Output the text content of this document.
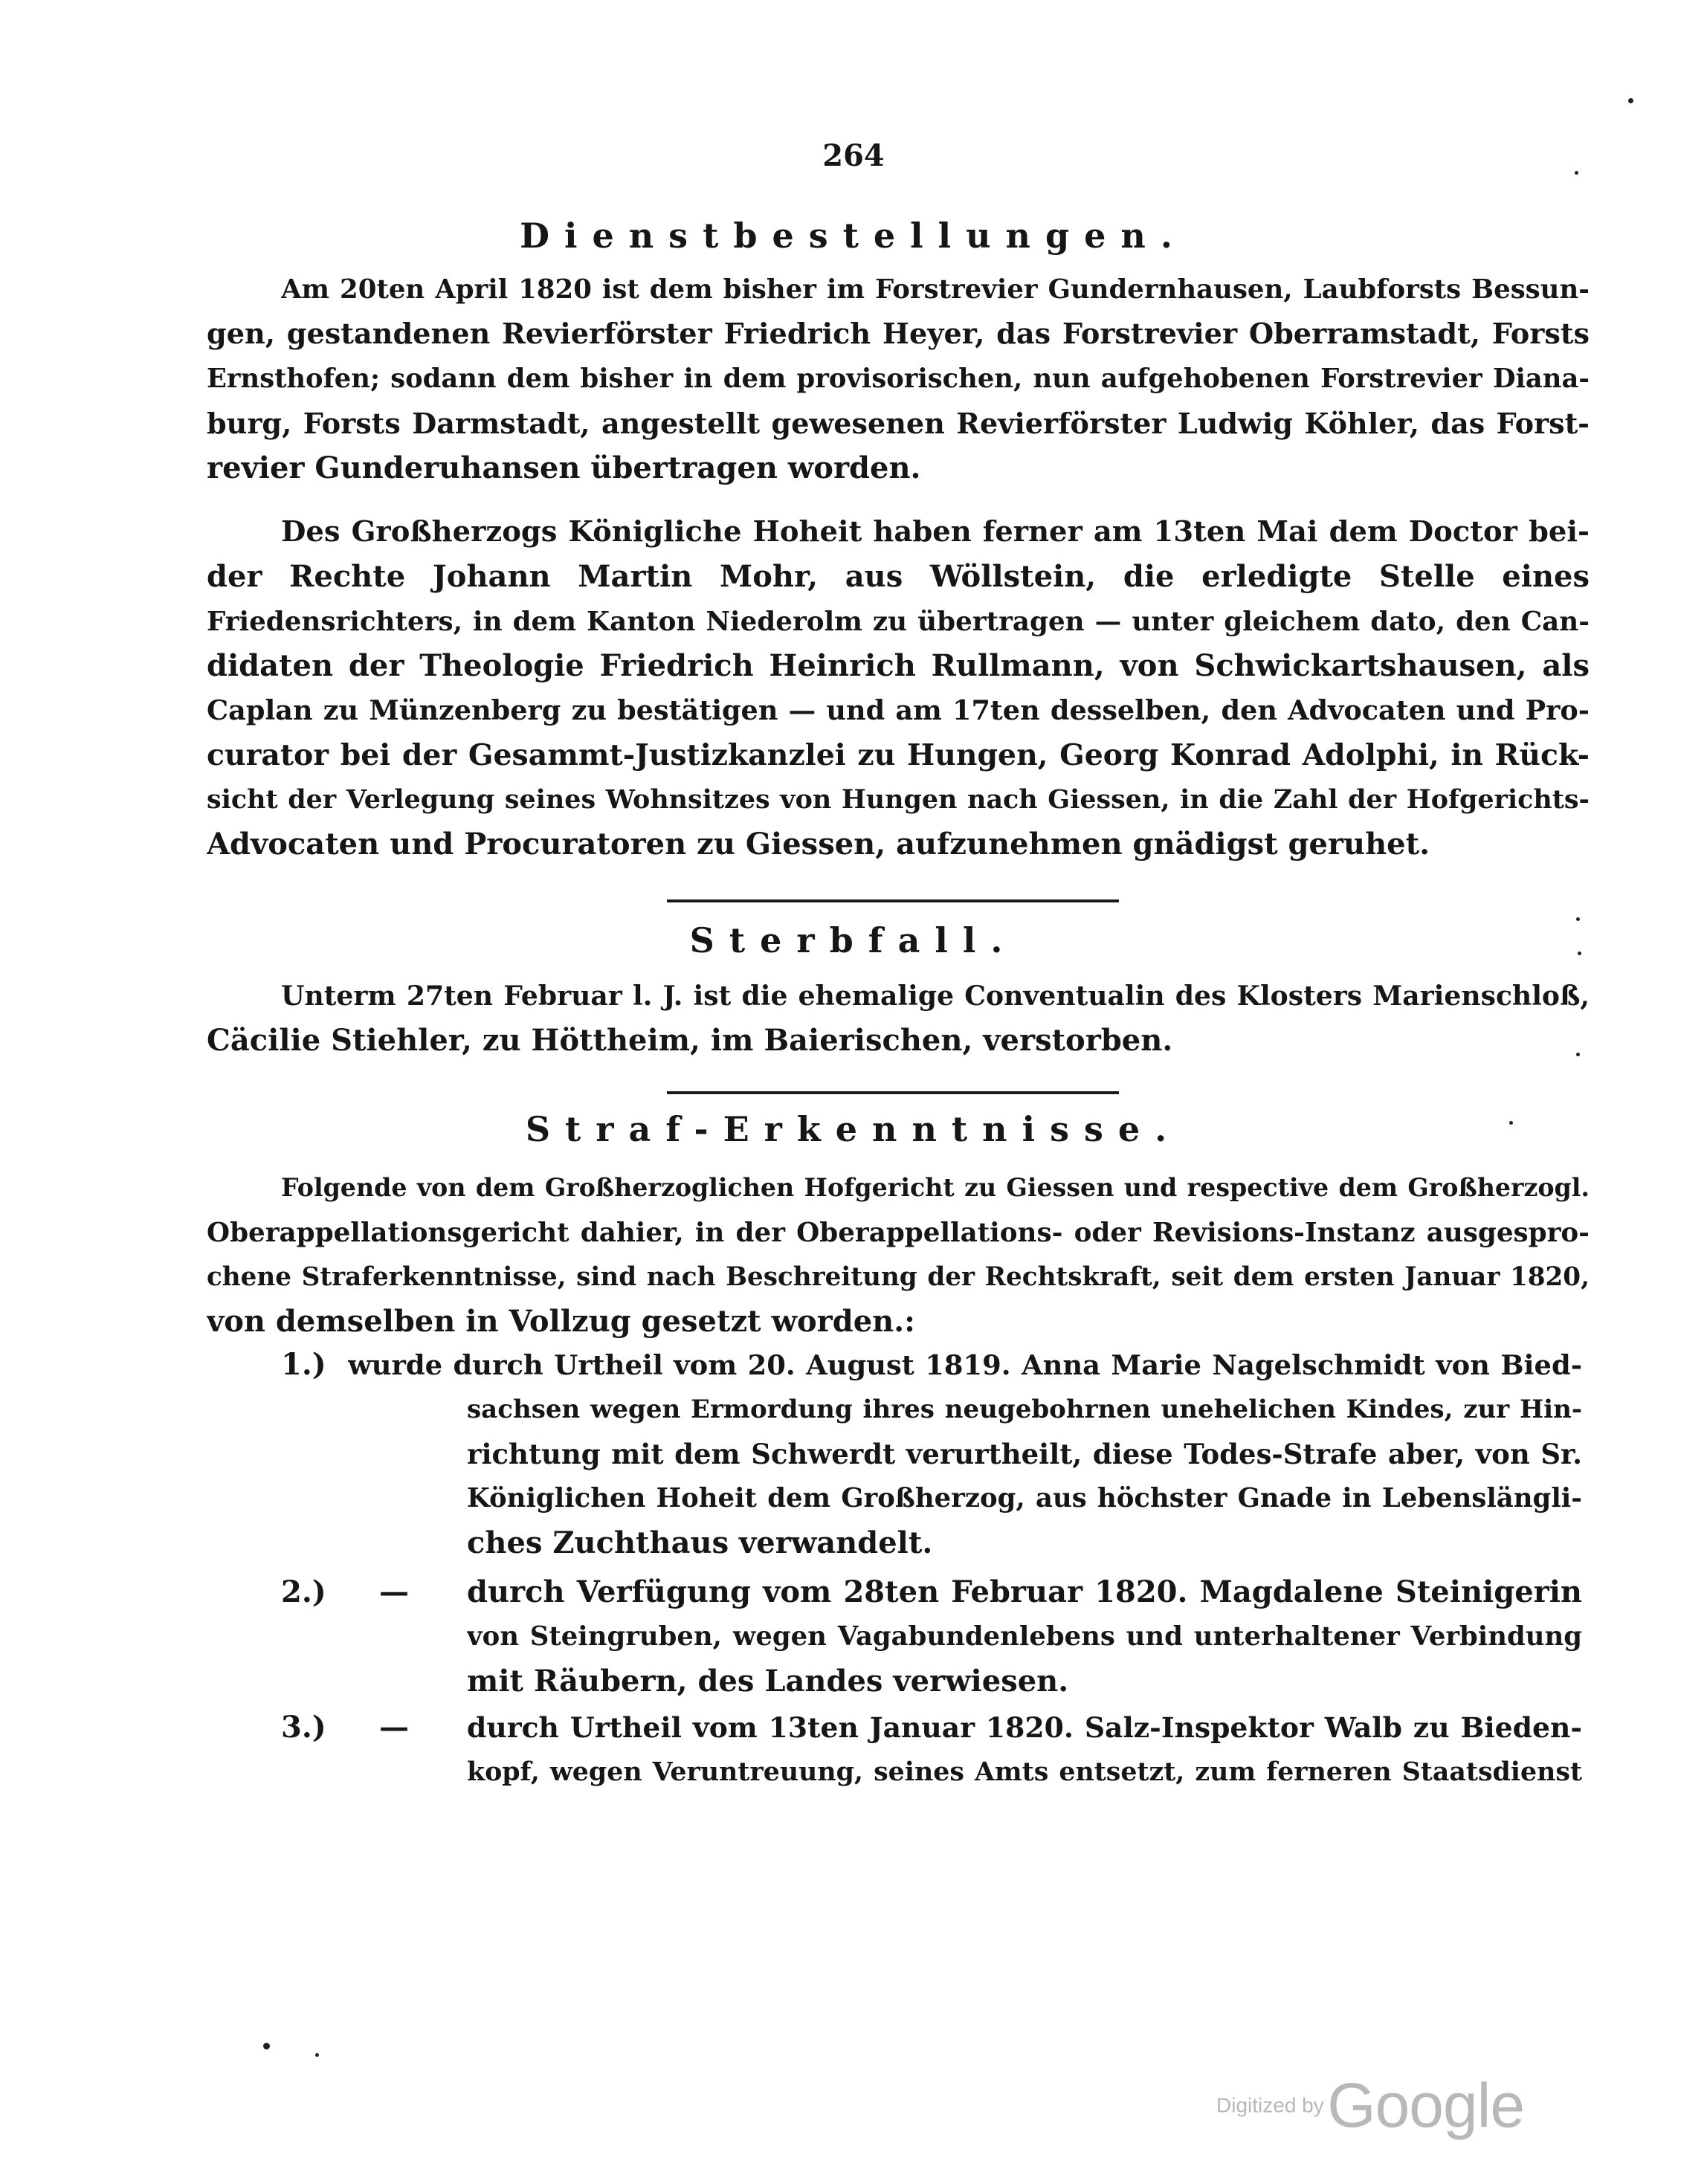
264
Dienstbestellungen.
Am 20ten April 1820 ist dem bisher im Forstrevier Gundernhausen, Laubforsts Bessun-
gen, gestandenen Revierförster Friedrich Heyer, das Forstrevier Oberramstadt, Forsts
Ernsthofen; sodann dem bisher in dem provisorischen, nun aufgehobenen Forstrevier Diana-
burg, Forsts Darmstadt, angestellt gewesenen Revierförster Ludwig Köhler, das Forst-
revier Gunderuhansen übertragen worden.
Des Großherzogs Königliche Hoheit haben ferner am 13ten Mai dem Doctor bei-
der Rechte Johann Martin Mohr, aus Wöllstein, die erledigte Stelle eines
Friedensrichters, in dem Kanton Niederolm zu übertragen — unter gleichem dato, den Can-
didaten der Theologie Friedrich Heinrich Rullmann, von Schwickartshausen, als
Caplan zu Münzenberg zu bestätigen — und am 17ten desselben, den Advocaten und Pro-
curator bei der Gesammt-Justizkanzlei zu Hungen, Georg Konrad Adolphi, in Rück-
sicht der Verlegung seines Wohnsitzes von Hungen nach Giessen, in die Zahl der Hofgerichts-
Advocaten und Procuratoren zu Giessen, aufzunehmen gnädigst geruhet.
Sterbfall.
Unterm 27ten Februar l. J. ist die ehemalige Conventualin des Klosters Marienschloß,
Cäcilie Stiehler, zu Höttheim, im Baierischen, verstorben.
Straf-Erkenntnisse.
Folgende von dem Großherzoglichen Hofgericht zu Giessen und respective dem Großherzogl.
Oberappellationsgericht dahier, in der Oberappellations- oder Revisions-Instanz ausgespro-
chene Straferkenntnisse, sind nach Beschreitung der Rechtskraft, seit dem ersten Januar 1820,
von demselben in Vollzug gesetzt worden.:
1.) wurde durch Urtheil vom 20. August 1819. Anna Marie Nagelschmidt von Bied-
sachsen wegen Ermordung ihres neugebohrnen unehelichen Kindes, zur Hin-
richtung mit dem Schwerdt verurtheilt, diese Todes-Strafe aber, von Sr.
Königlichen Hoheit dem Großherzog, aus höchster Gnade in Lebenslängli-
ches Zuchthaus verwandelt.
2.) — durch Verfügung vom 28ten Februar 1820. Magdalene Steinigerin
von Steingruben, wegen Vagabundenlebens und unterhaltener Verbindung
mit Räubern, des Landes verwiesen.
3.) — durch Urtheil vom 13ten Januar 1820. Salz-Inspektor Walb zu Bieden-
kopf, wegen Veruntreuung, seines Amts entsetzt, zum ferneren Staatsdienst
Digitized by Google
